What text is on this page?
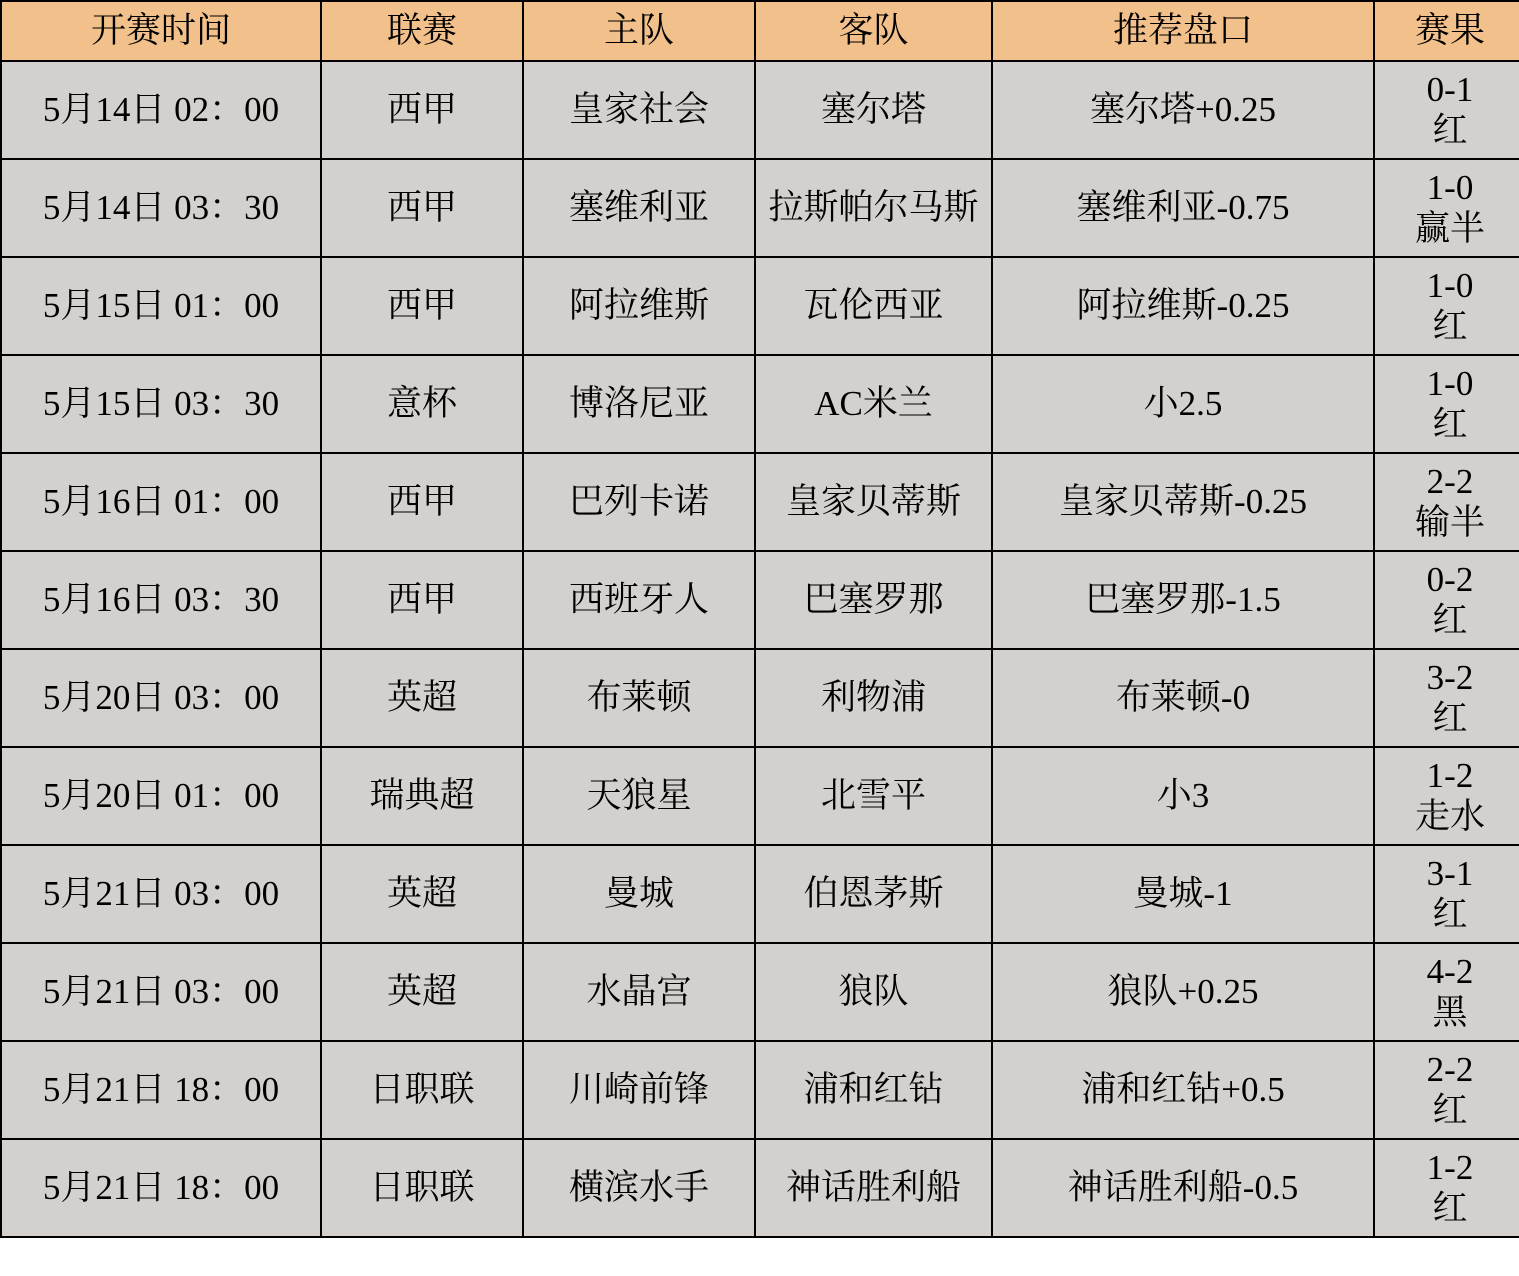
开赛时间	联赛	主队	客队	推荐盘口	赛果
5月14日 02：00	西甲	皇家社会	塞尔塔	塞尔塔+0.25	0-1
红

5月14日 03：30	西甲	塞维利亚	拉斯帕尔马斯	塞维利亚-0.75	1-0
赢半

5月15日 01：00	西甲	阿拉维斯	瓦伦西亚	阿拉维斯-0.25	1-0
红

5月15日 03：30	意杯	博洛尼亚	AC米兰	小2.5	1-0
红

5月16日 01：00	西甲	巴列卡诺	皇家贝蒂斯	皇家贝蒂斯-0.25	2-2
输半

5月16日 03：30	西甲	西班牙人	巴塞罗那	巴塞罗那-1.5	0-2
红

5月20日 03：00	英超	布莱顿	利物浦	布莱顿-0	3-2
红

5月20日 01：00	瑞典超	天狼星	北雪平	小3	1-2
走水

5月21日 03：00	英超	曼城	伯恩茅斯	曼城-1	3-1
红

5月21日 03：00	英超	水晶宫	狼队	狼队+0.25	4-2
黑

5月21日 18：00	日职联	川崎前锋	浦和红钻	浦和红钻+0.5	2-2
红

5月21日 18：00	日职联	横滨水手	神话胜利船	神话胜利船-0.5	1-2
红
